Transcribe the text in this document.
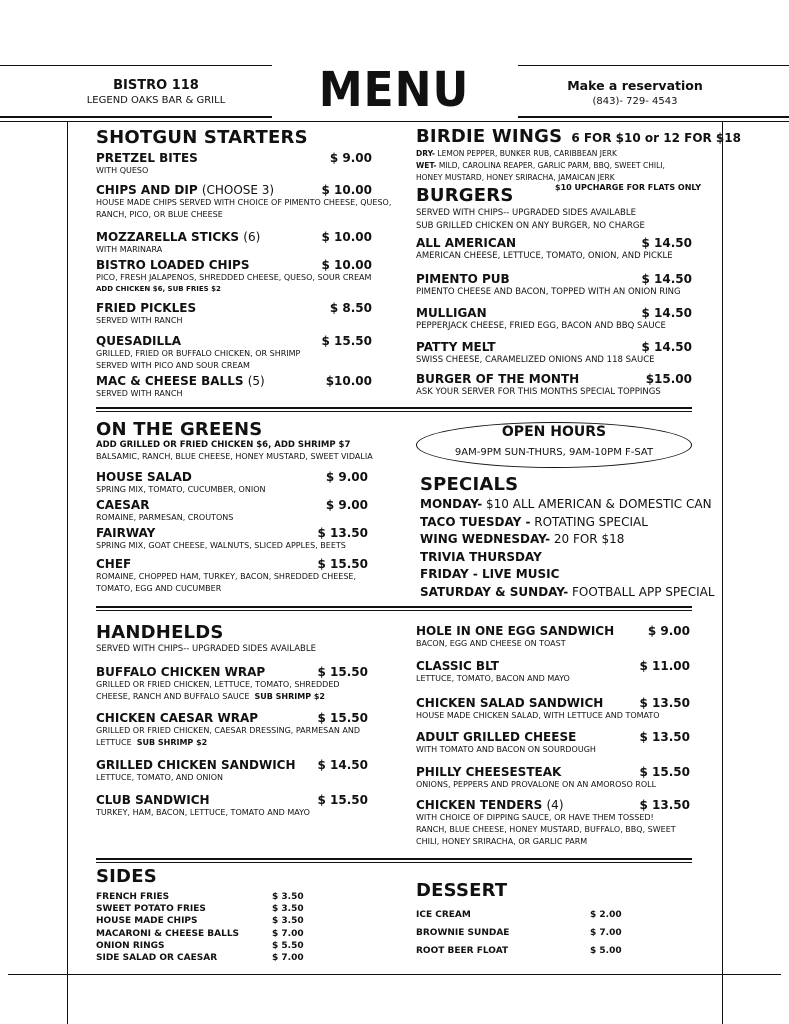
BISTRO 118
LEGEND OAKS BAR & GRILL MENU	Make a reservation
(843)- 729- 4543
SHOTGUN STARTERS
PRETZEL BITES	$ 9.00
WITH QUESO
CHIPS AND DIP (CHOOSE 3)	$ 10.00
HOUSE MADE CHIPS SERVED WITH CHOICE OF PIMENTO CHEESE, QUESO,
RANCH, PICO, OR BLUE CHEESE
MOZZARELLA STICKS (6)	$ 10.00
WITH MARINARA
BISTRO LOADED CHIPS	$ 10.00
PICO, FRESH JALAPENOS, SHREDDED CHEESE, QUESO, SOUR CREAM
ADD CHICKEN $6, SUB FRIES $2
FRIED PICKLES	$ 8.50
SERVED WITH RANCH
QUESADILLA	$ 15.50
GRILLED, FRIED OR BUFFALO CHICKEN, OR SHRIMP
SERVED WITH PICO AND SOUR CREAM
MAC & CHEESE BALLS (5)	$10.00
SERVED WITH RANCH
BIRDIE WINGS 6 FOR $10 or 12 FOR $18
DRY- LEMON PEPPER, BUNKER RUB, CARIBBEAN JERK
WET- MILD, CAROLINA REAPER, GARLIC PARM, BBQ, SWEET CHILI,
HONEY MUSTARD, HONEY SRIRACHA, JAMAICAN JERK
$10 UPCHARGE FOR FLATS ONLY
BURGERS
SERVED WITH CHIPS-- UPGRADED SIDES AVAILABLE
SUB GRILLED CHICKEN ON ANY BURGER, NO CHARGE
ALL AMERICAN	$ 14.50
AMERICAN CHEESE, LETTUCE, TOMATO, ONION, AND PICKLE
PIMENTO PUB	$ 14.50
PIMENTO CHEESE AND BACON, TOPPED WITH AN ONION RING
MULLIGAN	$ 14.50
PEPPERJACK CHEESE, FRIED EGG, BACON AND BBQ SAUCE
PATTY MELT	$ 14.50
SWISS CHEESE, CARAMELIZED ONIONS AND 118 SAUCE
BURGER OF THE MONTH	$15.00
ASK YOUR SERVER FOR THIS MONTHS SPECIAL TOPPINGS
ON THE GREENS
ADD GRILLED OR FRIED CHICKEN $6, ADD SHRIMP $7
BALSAMIC, RANCH, BLUE CHEESE, HONEY MUSTARD, SWEET VIDALIA
HOUSE SALAD	$ 9.00
SPRING MIX, TOMATO, CUCUMBER, ONION
CAESAR	$ 9.00
ROMAINE, PARMESAN, CROUTONS
FAIRWAY	$ 13.50
SPRING MIX, GOAT CHEESE, WALNUTS, SLICED APPLES, BEETS
CHEF	$ 15.50
ROMAINE, CHOPPED HAM, TURKEY, BACON, SHREDDED CHEESE,
TOMATO, EGG AND CUCUMBER
OPEN HOURS
9AM-9PM SUN-THURS, 9AM-10PM F-SAT
SPECIALS
MONDAY- $10 ALL AMERICAN & DOMESTIC CAN
TACO TUESDAY - ROTATING SPECIAL
WING WEDNESDAY- 20 FOR $18
TRIVIA THURSDAY
FRIDAY - LIVE MUSIC
SATURDAY & SUNDAY- FOOTBALL APP SPECIAL
HANDHELDS
SERVED WITH CHIPS-- UPGRADED SIDES AVAILABLE
BUFFALO CHICKEN WRAP	$ 15.50
GRILLED OR FRIED CHICKEN, LETTUCE, TOMATO, SHREDDED
CHEESE, RANCH AND BUFFALO SAUCE SUB SHRIMP $2
CHICKEN CAESAR WRAP	$ 15.50
GRILLED OR FRIED CHICKEN, CAESAR DRESSING, PARMESAN AND
LETTUCE SUB SHRIMP $2
GRILLED CHICKEN SANDWICH	$ 14.50
LETTUCE, TOMATO, AND ONION
CLUB SANDWICH	$ 15.50
TURKEY, HAM, BACON, LETTUCE, TOMATO AND MAYO
HOLE IN ONE EGG SANDWICH	$ 9.00
BACON, EGG AND CHEESE ON TOAST
CLASSIC BLT	$ 11.00
LETTUCE, TOMATO, BACON AND MAYO
CHICKEN SALAD SANDWICH	$ 13.50
HOUSE MADE CHICKEN SALAD, WITH LETTUCE AND TOMATO
ADULT GRILLED CHEESE	$ 13.50
WITH TOMATO AND BACON ON SOURDOUGH
PHILLY CHEESESTEAK	$ 15.50
ONIONS, PEPPERS AND PROVALONE ON AN AMOROSO ROLL
CHICKEN TENDERS (4)	$ 13.50
WITH CHOICE OF DIPPING SAUCE, OR HAVE THEM TOSSED!
RANCH, BLUE CHEESE, HONEY MUSTARD, BUFFALO, BBQ, SWEET
CHILI, HONEY SRIRACHA, OR GARLIC PARM
SIDES
FRENCH FRIES	$ 3.50
SWEET POTATO FRIES	$ 3.50
HOUSE MADE CHIPS	$ 3.50
MACARONI & CHEESE BALLS	$ 7.00
ONION RINGS	$ 5.50
SIDE SALAD OR CAESAR	$ 7.00
DESSERT
ICE CREAM	$ 2.00
BROWNIE SUNDAE	$ 7.00
ROOT BEER FLOAT	$ 5.00
